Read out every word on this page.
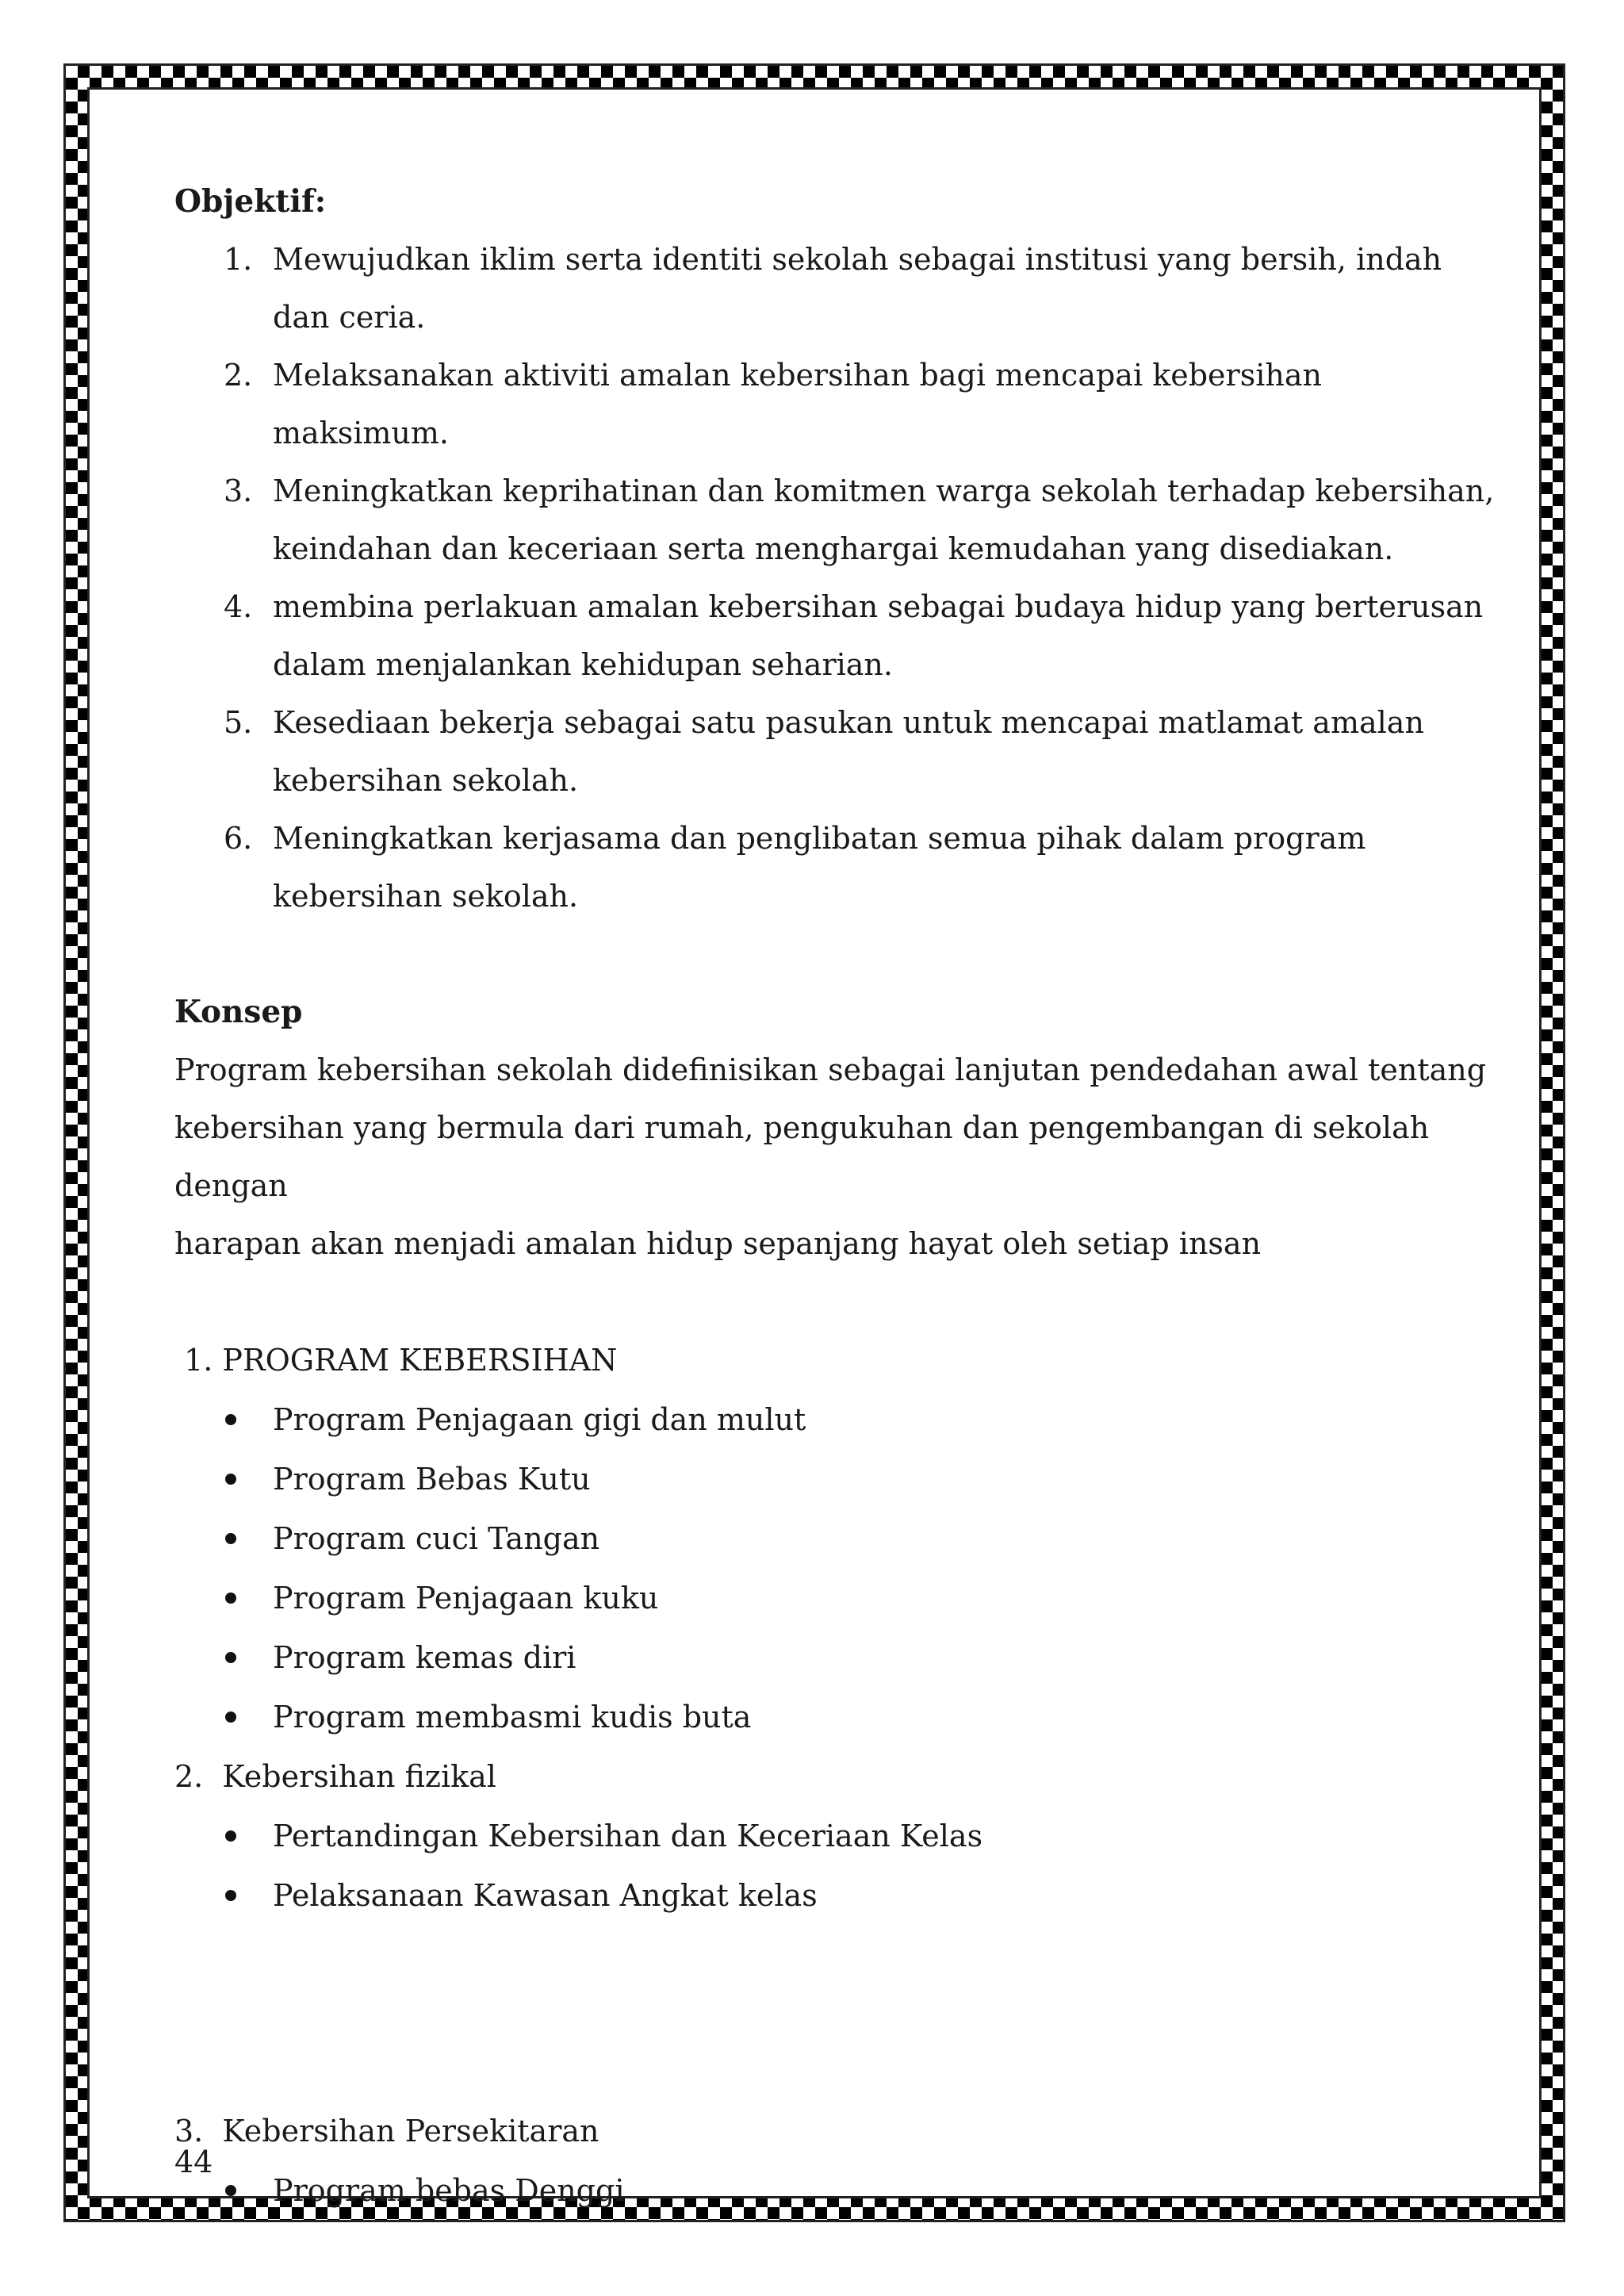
Objektif:

1. Mewujudkan iklim serta identiti sekolah sebagai institusi yang bersih, indah dan ceria.
2. Melaksanakan aktiviti amalan kebersihan bagi mencapai kebersihan maksimum.
3. Meningkatkan keprihatinan dan komitmen warga sekolah terhadap kebersihan, keindahan dan keceriaan serta menghargai kemudahan yang disediakan.
4. membina perlakuan amalan kebersihan sebagai budaya hidup yang berterusan dalam menjalankan kehidupan seharian.
5. Kesediaan bekerja sebagai satu pasukan untuk mencapai matlamat amalan kebersihan sekolah.
6. Meningkatkan kerjasama dan penglibatan semua pihak dalam program kebersihan sekolah.

Konsep

Program kebersihan sekolah didefinisikan sebagai lanjutan pendedahan awal tentang

kebersihan yang bermula dari rumah, pengukuhan dan pengembangan di sekolah dengan

harapan akan menjadi amalan hidup sepanjang hayat oleh setiap insan

1. PROGRAM KEBERSIHAN

Program Penjagaan gigi dan mulut
Program Bebas Kutu
Program cuci Tangan
Program Penjagaan kuku
Program kemas diri
Program membasmi kudis buta

2.  Kebersihan fizikal

Pertandingan Kebersihan dan Keceriaan Kelas
Pelaksanaan Kawasan Angkat kelas

3.  Kebersihan Persekitaran

Program bebas Denggi
44
